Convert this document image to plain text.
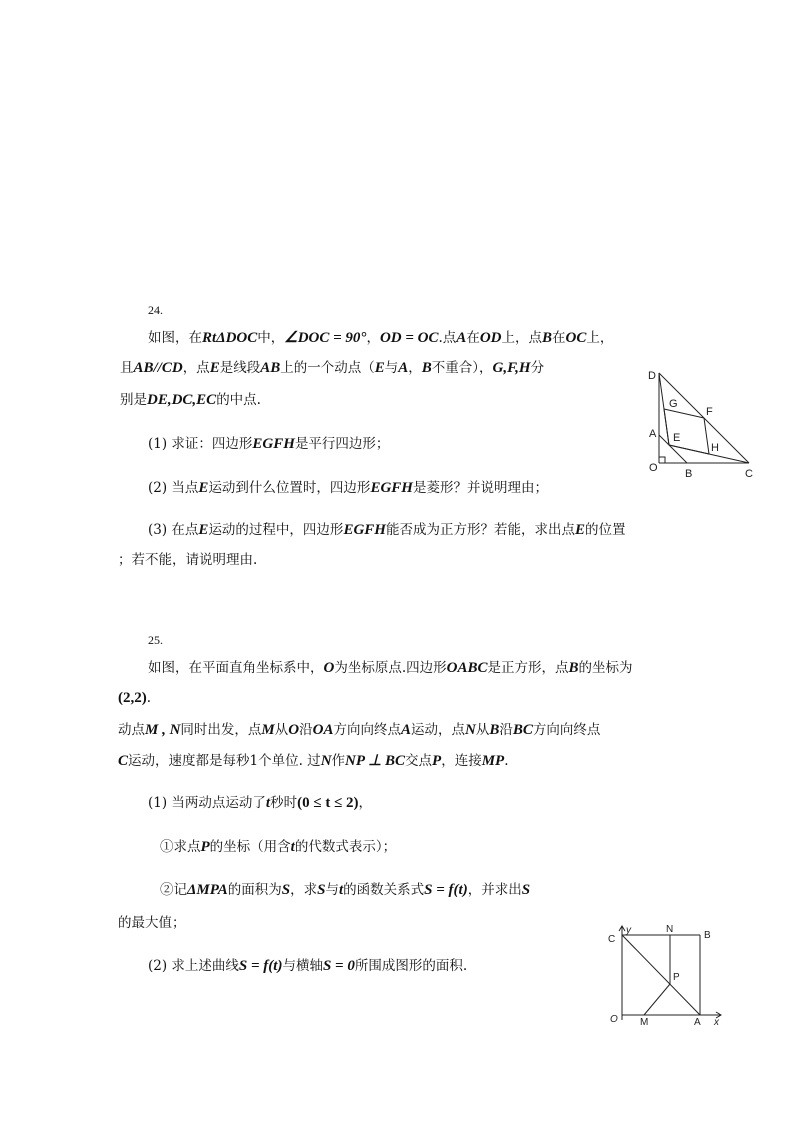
24.
如图，在RtΔDOC中，∠DOC = 90°，OD = OC.点A在OD上，点B在OC上，
且AB//CD，点E是线段AB上的一个动点（E与A，B不重合），G,F,H分
别是DE,DC,EC的中点.
(1) 求证：四边形EGFH是平行四边形；
(2) 当点E运动到什么位置时，四边形EGFH是菱形？并说明理由；
(3) 在点E运动的过程中，四边形EGFH能否成为正方形？若能，求出点E的位置
；若不能，请说明理由.
D
G
F
A E
H
O B	C
25.
如图，在平面直角坐标系中，O为坐标原点.四边形OABC是正方形，点B的坐标为
(2,2).
动点M , N同时出发，点M从O沿OA方向向终点A运动，点N从B沿BC方向向终点
C运动，速度都是每秒1个单位. 过N作NP ⊥ BC交点P，连接MP.
(1) 当两动点运动了t秒时(0 ≤ t ≤ 2)，
①求点P的坐标（用含t的代数式表示）；
②记ΔMPA的面积为S，求S与t的函数关系式S = f(t)，并求出S
的最大值；
(2) 求上述曲线S = f(t)与横轴S = 0所围成图形的面积.
C
y	N
B
P
O M	A x
